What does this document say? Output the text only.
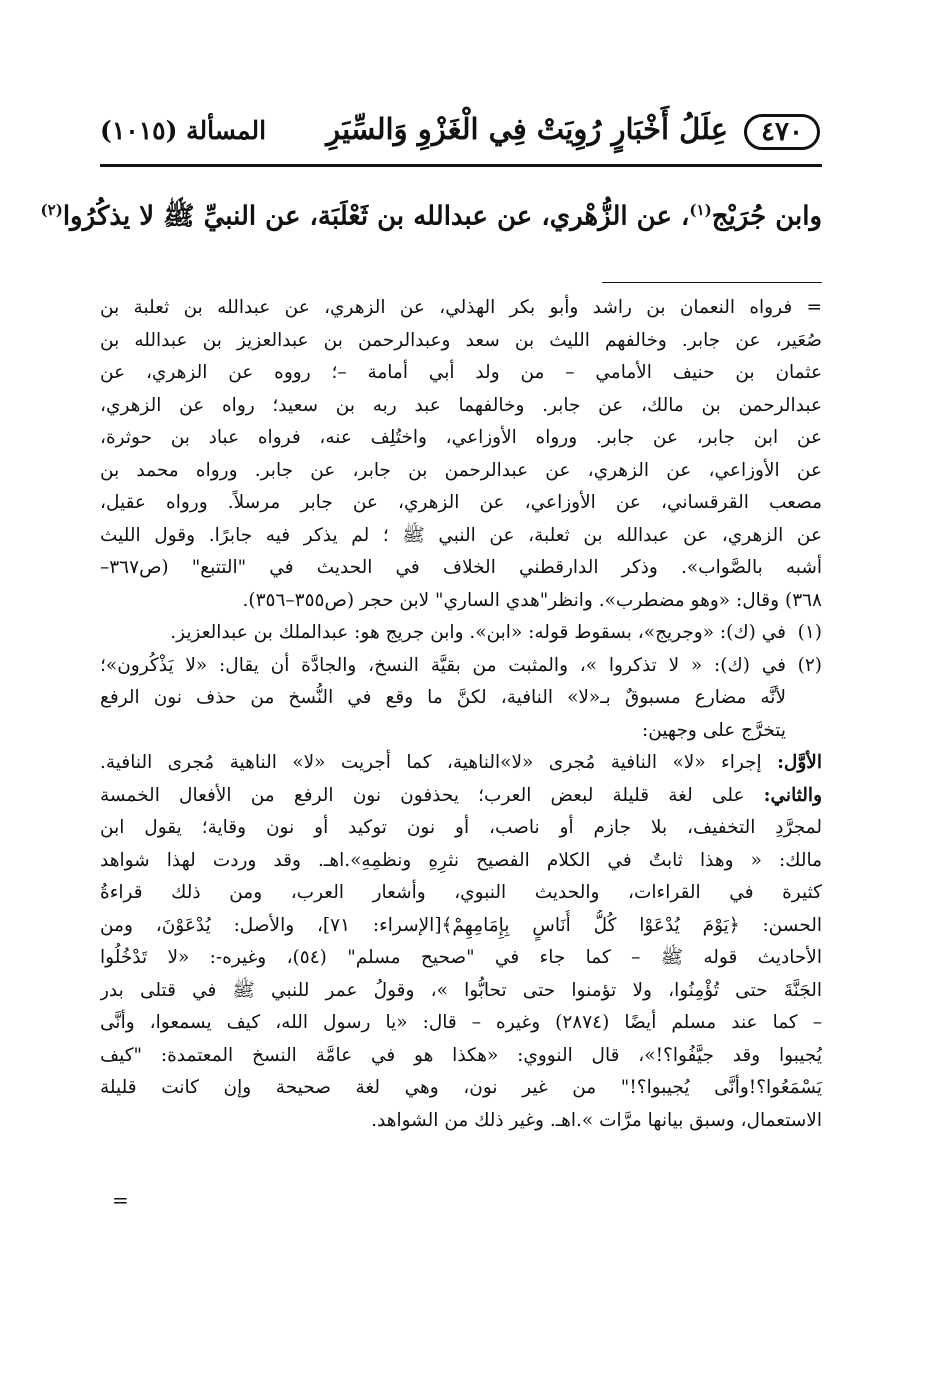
٤٧٠
عِلَلُ أَخْبَارٍ رُوِيَتْ فِي الْغَزْوِ وَالسِّيَرِ
المسألة (١٠١٥)
وابن جُرَيْج$^{(١)}$، عن الزُّهْري، عن عبدالله بن ثَعْلَبَة، عن النبيِّ ﷺ لا يذكُرُوا$^{(٢)}$
= فرواه النعمان بن راشد وأبو بكر الهذلي، عن الزهري، عن عبدالله بن ثعلبة بن
صُعَير، عن جابر. وخالفهم الليث بن سعد وعبدالرحمن بن عبدالعزيز بن عبدالله بن
عثمان بن حنيف الأمامي – من ولد أبي أمامة –؛ رووه عن الزهري، عن
عبدالرحمن بن مالك، عن جابر. وخالفهما عبد ربه بن سعيد؛ رواه عن الزهري،
عن ابن جابر، عن جابر. ورواه الأوزاعي، واختُلِف عنه، فرواه عباد بن حوثرة،
عن الأوزاعي، عن الزهري، عن عبدالرحمن بن جابر، عن جابر. ورواه محمد بن
مصعب القرقساني، عن الأوزاعي، عن الزهري، عن جابر مرسلاً. ورواه عقيل،
عن الزهري، عن عبدالله بن ثعلبة، عن النبي ﷺ ؛ لم يذكر فيه جابرًا. وقول الليث
أشبه بالصَّواب». وذكر الدارقطني الخلاف في الحديث في "التتبع" (ص٣٦٧–
٣٦٨) وقال: «وهو مضطرب». وانظر"هدي الساري" لابن حجر (ص٣٥٥–٣٥٦).
(١)
في (ك): «وجريج»، بسقوط قوله: «ابن». وابن جريج هو: عبدالملك بن عبدالعزيز.
(٢)
في (ك): « لا تذكروا »، والمثبت من بقيَّة النسخ، والجادَّة أن يقال: «لا يَذْكُرون»؛
لأنَّه مضارع مسبوقٌ بـ«لا» النافية، لكنَّ ما وقع في النُّسخ من حذف نون الرفع
يتخرَّج على وجهين:
الأوَّل: إجراء «لا» النافية مُجرى «لا»الناهية، كما أجريت «لا» الناهية مُجرى النافية.
والثاني: على لغة قليلة لبعض العرب؛ يحذفون نون الرفع من الأفعال الخمسة
لمجرَّدِ التخفيف، بلا جازم أو ناصب، أو نون توكيد أو نون وقاية؛ يقول ابن
مالك: « وهذا ثابتٌ في الكلام الفصيح نثرِهِ ونظمِهِ».اهـ. وقد وردت لهذا شواهد
كثيرة في القراءات، والحديث النبوي، وأشعار العرب، ومن ذلك قراءةُ
الحسن: ﴿يَوْمَ يُدْعَوْا كُلُّ أُنَاسٍ بِإِمَامِهِمْ﴾[الإسراء: ٧١]، والأصل: يُدْعَوْنَ، ومن
الأحاديث قوله ﷺ – كما جاء في "صحيح مسلم" (٥٤)، وغيره-: «لا تَدْخُلُوا
الجَنَّةَ حتى تُؤْمِنُوا، ولا تؤمنوا حتى تحابُّوا »، وقولُ عمر للنبي ﷺ في قتلى بدر
– كما عند مسلم أيضًا (٢٨٧٤) وغيره – قال: «يا رسول الله، كيف يسمعوا، وأنَّى
يُجيبوا وقد جيَّفُوا؟!»، قال النووي: «هكذا هو في عامَّة النسخ المعتمدة: "كيف
يَسْمَعُوا؟!وأنَّى يُجيبوا؟!" من غير نون، وهي لغة صحيحة وإن كانت قليلة
الاستعمال، وسبق بيانها مرَّات ».اهـ. وغير ذلك من الشواهد.
=
